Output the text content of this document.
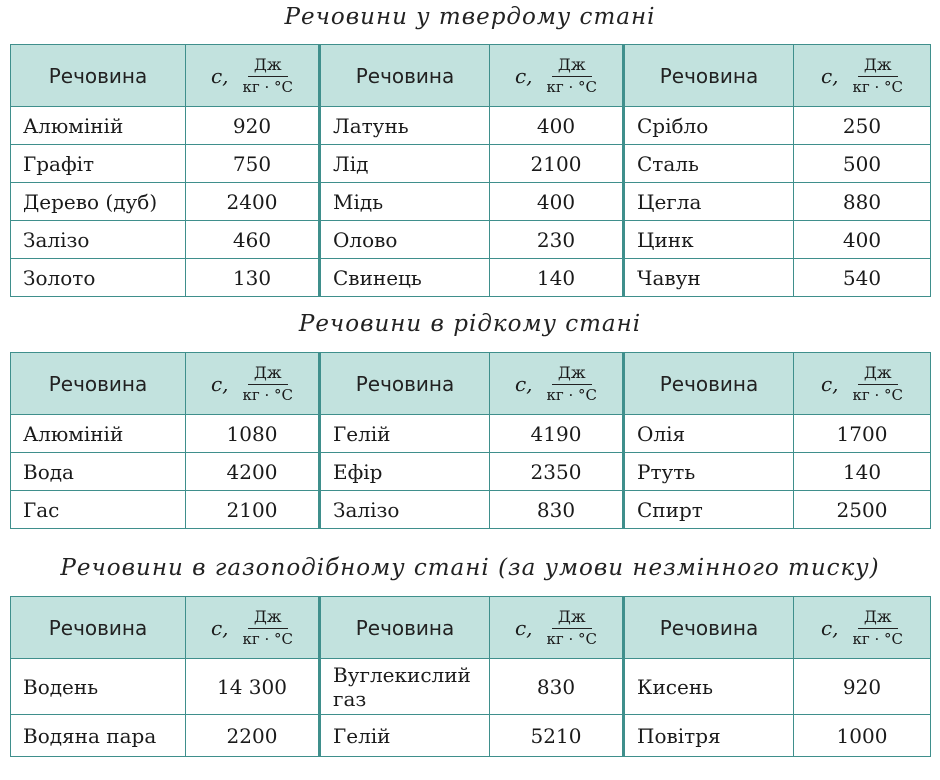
Речовини у твердому стані
Речовина	c, $\frac{Дж}{кг \cdot ^\circ C}$	Речовина	c, $\frac{Дж}{кг \cdot ^\circ C}$	Речовина	c, $\frac{Дж}{кг \cdot ^\circ C}$

Алюміній	920	Латунь	400	Срібло	250
Графіт	750	Лід	2100	Сталь	500
Дерево (дуб)	2400	Мідь	400	Цегла	880
Залізо	460	Олово	230	Цинк	400
Золото	130	Свинець	140	Чавун	540
Речовини в рідкому стані
Речовина	c, $\frac{Дж}{кг \cdot ^\circ C}$	Речовина	c, $\frac{Дж}{кг \cdot ^\circ C}$	Речовина	c, $\frac{Дж}{кг \cdot ^\circ C}$

Алюміній	1080	Гелій	4190	Олія	1700
Вода	4200	Ефір	2350	Ртуть	140
Гас	2100	Залізо	830	Спирт	2500
Речовини в газоподібному стані (за умови незмінного тиску)
Речовина	c, $\frac{Дж}{кг \cdot ^\circ C}$	Речовина	c, $\frac{Дж}{кг \cdot ^\circ C}$	Речовина	c, $\frac{Дж}{кг \cdot ^\circ C}$

Водень	14 300	Вуглекислий газ	830	Кисень	920
Водяна пара	2200	Гелій	5210	Повітря	1000
